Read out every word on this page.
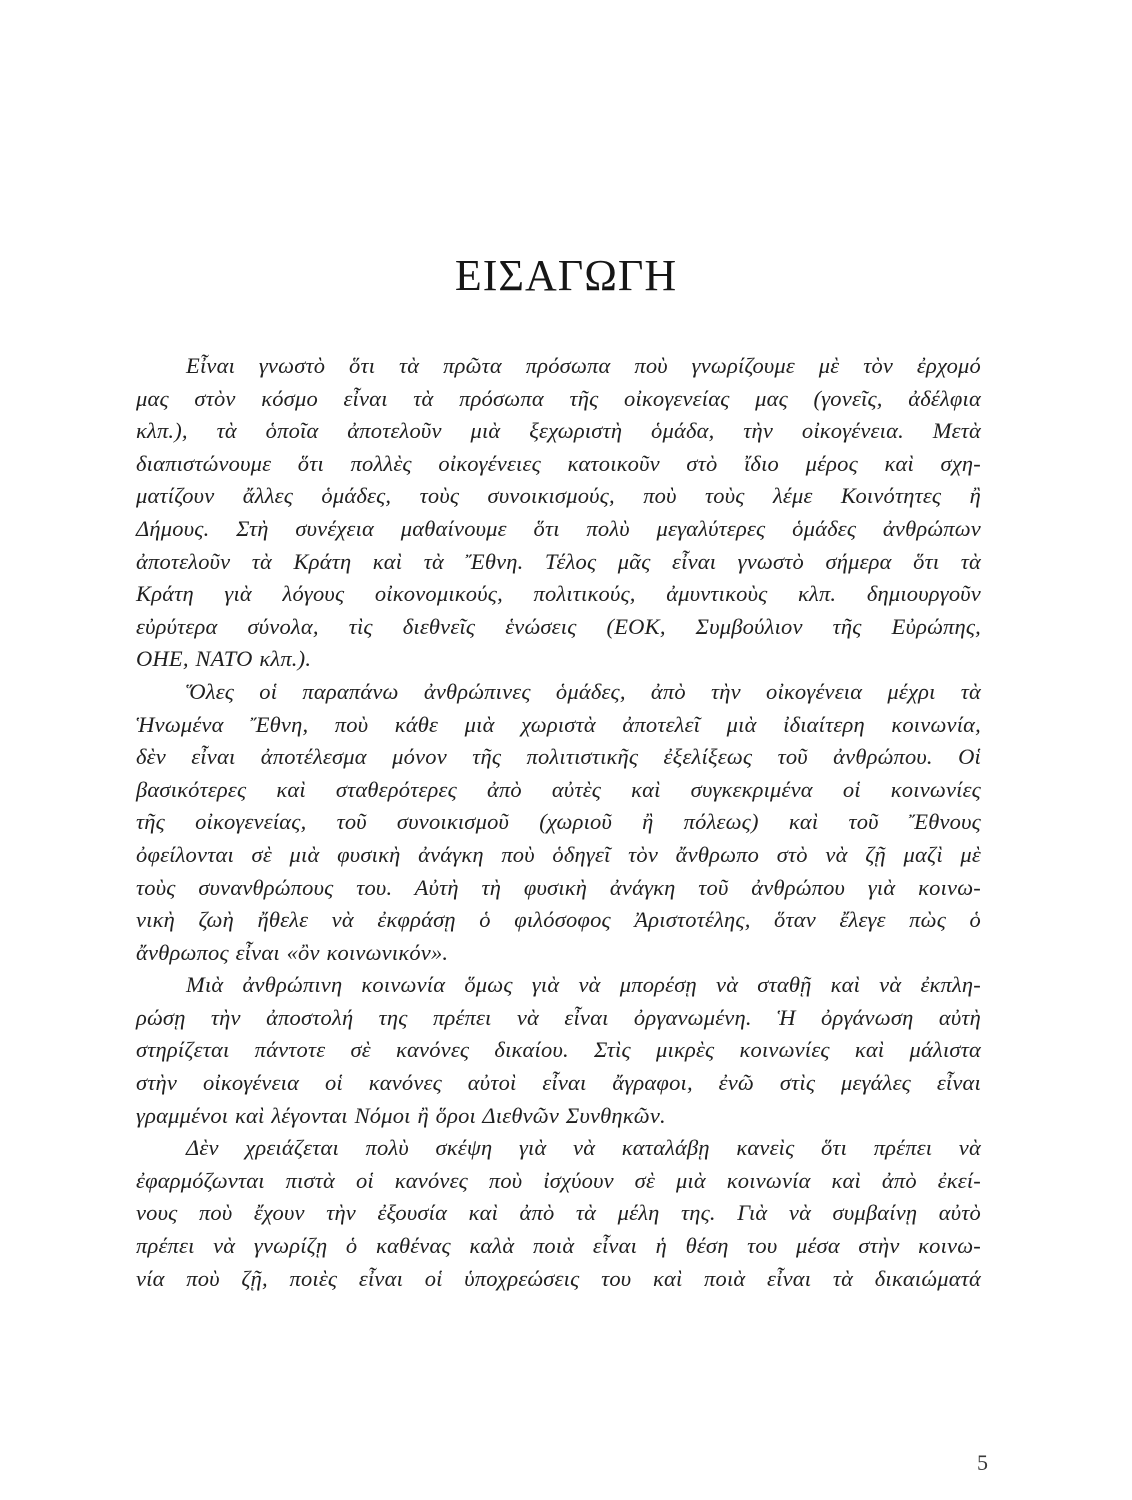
ΕΙΣΑΓΩΓΗ
Εἶναι γνωστὸ ὅτι τὰ πρῶτα πρόσωπα ποὺ γνωρίζουμε μὲ τὸν ἐρχομό
μας στὸν κόσμο εἶναι τὰ πρόσωπα τῆς οἰκογενείας μας (γονεῖς, ἀδέλφια
κλπ.), τὰ ὁποῖα ἀποτελοῦν μιὰ ξεχωριστὴ ὁμάδα, τὴν οἰκογένεια. Μετὰ
διαπιστώνουμε ὅτι πολλὲς οἰκογένειες κατοικοῦν στὸ ἴδιο μέρος καὶ σχη-
ματίζουν ἄλλες ὁμάδες, τοὺς συνοικισμούς, ποὺ τοὺς λέμε Κοινότητες ἢ
Δήμους. Στὴ συνέχεια μαθαίνουμε ὅτι πολὺ μεγαλύτερες ὁμάδες ἀνθρώπων
ἀποτελοῦν τὰ Κράτη καὶ τὰ Ἔθνη. Τέλος μᾶς εἶναι γνωστὸ σήμερα ὅτι τὰ
Κράτη γιὰ λόγους οἰκονομικούς, πολιτικούς, ἀμυντικοὺς κλπ. δημιουργοῦν
εὐρύτερα σύνολα, τὶς διεθνεῖς ἑνώσεις (ΕΟΚ, Συμβούλιον τῆς Εὐρώπης,
ΟΗΕ, ΝΑΤΟ κλπ.).
Ὅλες οἱ παραπάνω ἀνθρώπινες ὁμάδες, ἀπὸ τὴν οἰκογένεια μέχρι τὰ
Ἡνωμένα Ἔθνη, ποὺ κάθε μιὰ χωριστὰ ἀποτελεῖ μιὰ ἰδιαίτερη κοινωνία,
δὲν εἶναι ἀποτέλεσμα μόνον τῆς πολιτιστικῆς ἐξελίξεως τοῦ ἀνθρώπου. Οἱ
βασικότερες καὶ σταθερότερες ἀπὸ αὐτὲς καὶ συγκεκριμένα οἱ κοινωνίες
τῆς οἰκογενείας, τοῦ συνοικισμοῦ (χωριοῦ ἢ πόλεως) καὶ τοῦ Ἔθνους
ὀφείλονται σὲ μιὰ φυσικὴ ἀνάγκη ποὺ ὁδηγεῖ τὸν ἄνθρωπο στὸ νὰ ζῇ μαζὶ μὲ
τοὺς συνανθρώπους του. Αὐτὴ τὴ φυσικὴ ἀνάγκη τοῦ ἀνθρώπου γιὰ κοινω-
νικὴ ζωὴ ἤθελε νὰ ἐκφράσῃ ὁ φιλόσοφος Ἀριστοτέλης, ὅταν ἔλεγε πὼς ὁ
ἄνθρωπος εἶναι «ὂν κοινωνικόν».
Μιὰ ἀνθρώπινη κοινωνία ὅμως γιὰ νὰ μπορέσῃ νὰ σταθῇ καὶ νὰ ἐκπλη-
ρώσῃ τὴν ἀποστολή της πρέπει νὰ εἶναι ὀργανωμένη. Ἡ ὀργάνωση αὐτὴ
στηρίζεται πάντοτε σὲ κανόνες δικαίου. Στὶς μικρὲς κοινωνίες καὶ μάλιστα
στὴν οἰκογένεια οἱ κανόνες αὐτοὶ εἶναι ἄγραφοι, ἐνῶ στὶς μεγάλες εἶναι
γραμμένοι καὶ λέγονται Νόμοι ἢ ὅροι Διεθνῶν Συνθηκῶν.
Δὲν χρειάζεται πολὺ σκέψη γιὰ νὰ καταλάβῃ κανεὶς ὅτι πρέπει νὰ
ἐφαρμόζωνται πιστὰ οἱ κανόνες ποὺ ἰσχύουν σὲ μιὰ κοινωνία καὶ ἀπὸ ἐκεί-
νους ποὺ ἔχουν τὴν ἐξουσία καὶ ἀπὸ τὰ μέλη της. Γιὰ νὰ συμβαίνῃ αὐτὸ
πρέπει νὰ γνωρίζῃ ὁ καθένας καλὰ ποιὰ εἶναι ἡ θέση του μέσα στὴν κοινω-
νία ποὺ ζῇ, ποιὲς εἶναι οἱ ὑποχρεώσεις του καὶ ποιὰ εἶναι τὰ δικαιώματά
5
